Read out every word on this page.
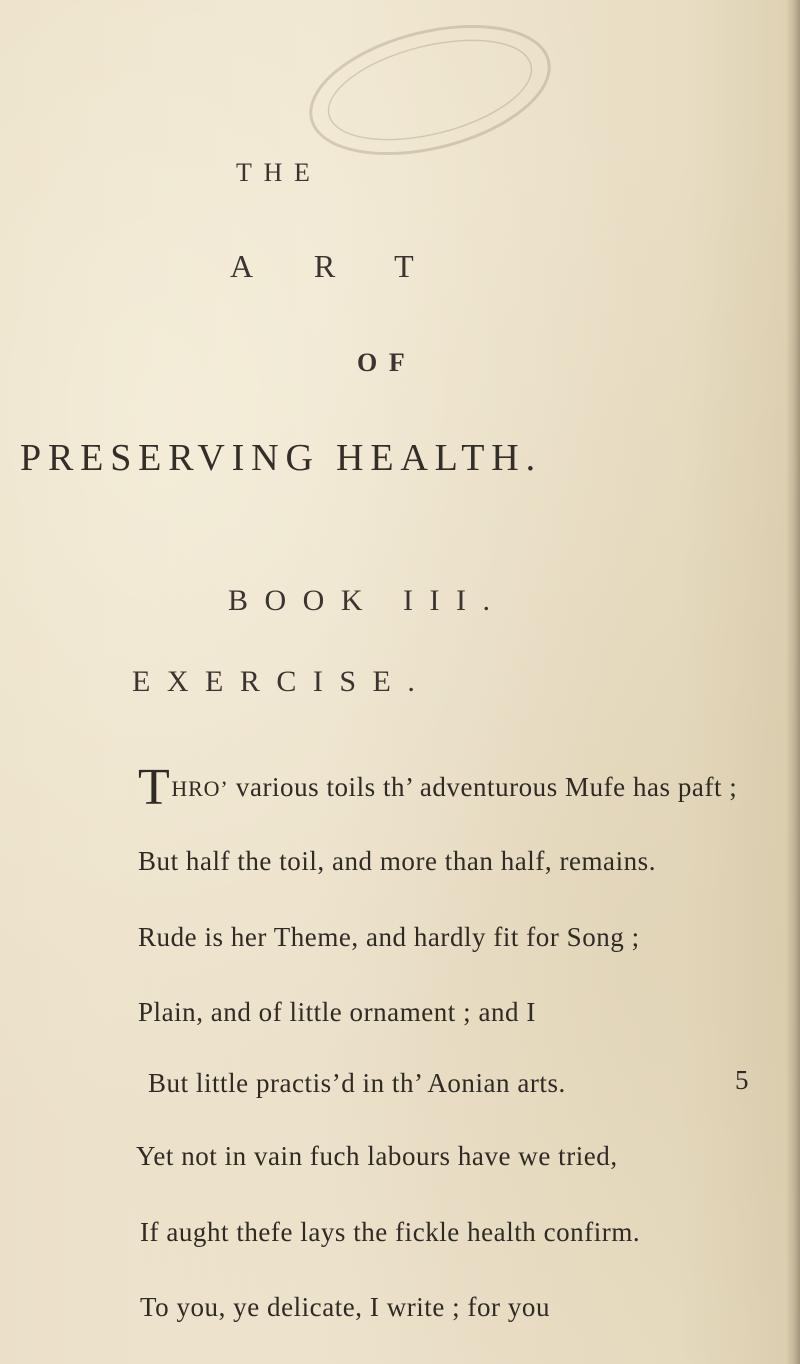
THE
ART
OF
PRESERVING HEALTH.
BOOK III.
EXERCISE.
THRO’ various toils th’ adventurous Mufe has paft ;
But half the toil, and more than half, remains.
Rude is her Theme, and hardly fit for Song ;
Plain, and of little ornament ; and I
But little practis’d in th’ Aonian arts.
Yet not in vain fuch labours have we tried,
If aught thefe lays the fickle health confirm.
To you, ye delicate, I write ; for you
5
